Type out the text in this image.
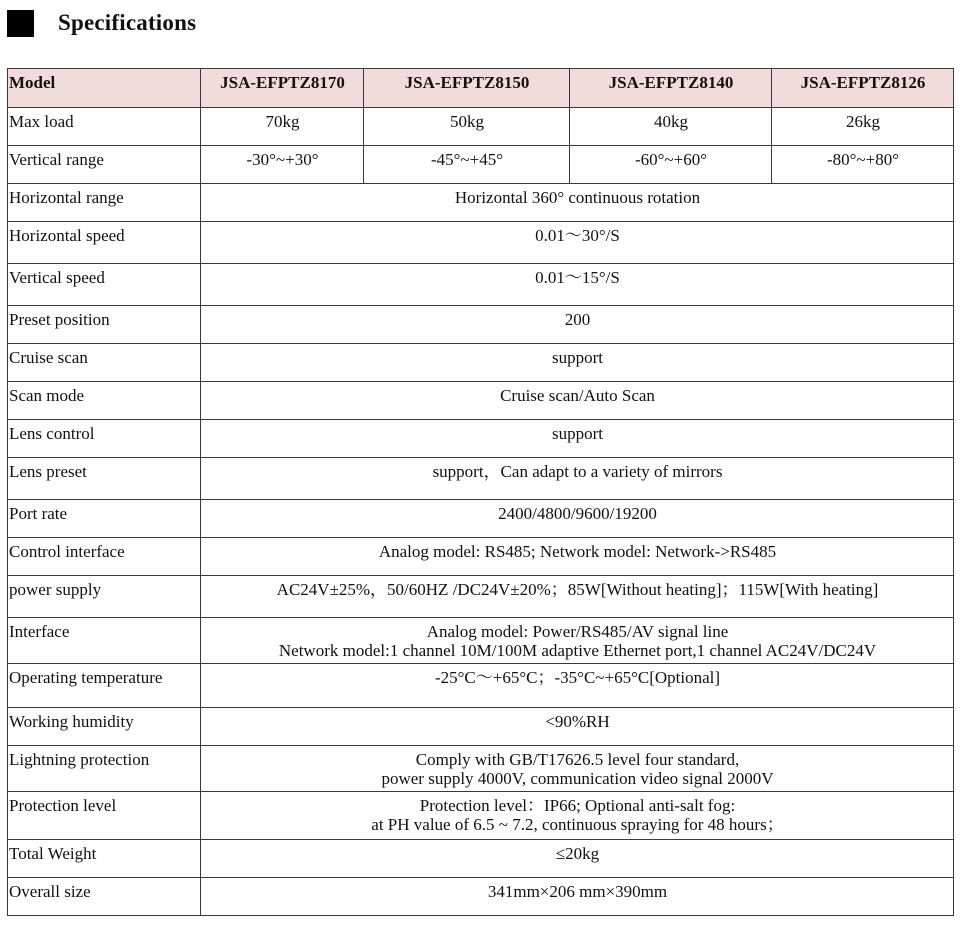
Specifications
Model	JSA-EFPTZ8170	JSA-EFPTZ8150	JSA-EFPTZ8140	JSA-EFPTZ8126

Max load	70kg	50kg	40kg	26kg

Vertical range	-30°~+30°	-45°~+45°	-60°~+60°	-80°~+80°

Horizontal range	Horizontal 360° continuous rotation			

Horizontal speed	0.01～30°/S			

Vertical speed	0.01～15°/S			

Preset position	200			

Cruise scan	support			

Scan mode	Cruise scan/Auto Scan			

Lens control	support			

Lens preset	support，Can adapt to a variety of mirrors			

Port rate	2400/4800/9600/19200			

Control interface	Analog model: RS485; Network model: Network->RS485			

power supply	AC24V±25%，50/60HZ /DC24V±20%；85W[Without heating]；115W[With heating]			

Interface	Analog model: Power/RS485/AV signal line
Network model:1 channel 10M/100M adaptive Ethernet port,1 channel AC24V/DC24V			

Operating temperature	-25°C～+65°C；-35°C~+65°C[Optional]			

Working humidity	<90%RH			

Lightning protection	Comply with GB/T17626.5 level four standard,
power supply 4000V, communication video signal 2000V			

Protection level	Protection level：IP66; Optional anti-salt fog:
at PH value of 6.5 ~ 7.2, continuous spraying for 48 hours；			

Total Weight	≤20kg			

Overall size	341mm×206 mm×390mm			
